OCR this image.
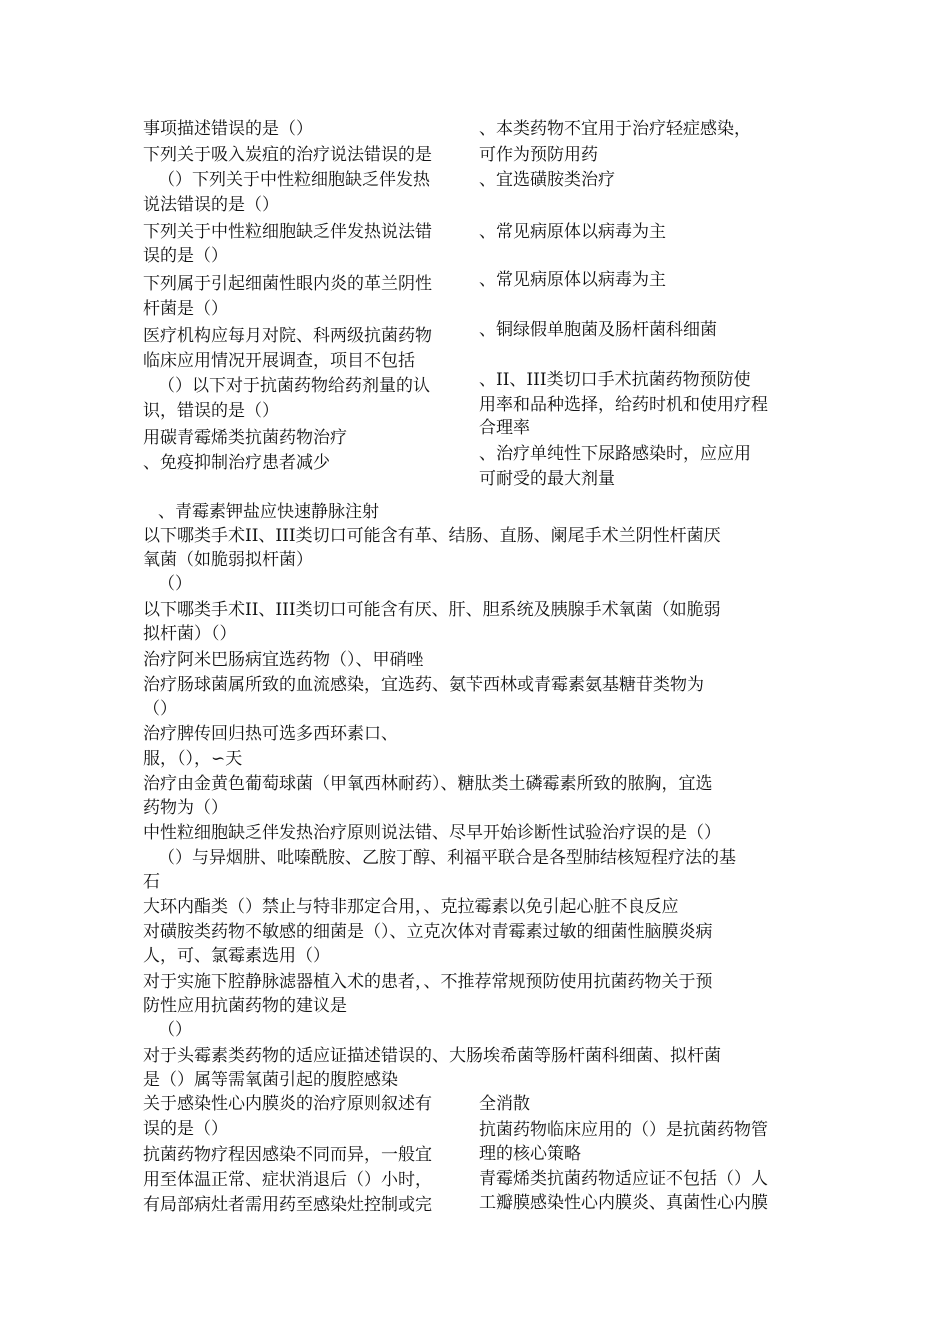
事项描述错误的是（）
下列关于吸入炭疽的治疗说法错误的是
（）下列关于中性粒细胞缺乏伴发热
说法错误的是（）
下列关于中性粒细胞缺乏伴发热说法错
误的是（）
下列属于引起细菌性眼内炎的革兰阴性
杆菌是（）
医疗机构应每月对院、科两级抗菌药物
临床应用情况开展调查，项目不包括
（）以下对于抗菌药物给药剂量的认
识，错误的是（）
用碳青霉烯类抗菌药物治疗
、免疫抑制治疗患者减少
、本类药物不宜用于治疗轻症感染，
可作为预防用药
、宜选磺胺类治疗
、常见病原体以病毒为主
、常见病原体以病毒为主
、铜绿假单胞菌及肠杆菌科细菌
、II、III类切口手术抗菌药物预防使
用率和品种选择，给药时机和使用疗程
合理率
、治疗单纯性下尿路感染时，应应用
可耐受的最大剂量
、青霉素钾盐应快速静脉注射
以下哪类手术II、III类切口可能含有革、结肠、直肠、阑尾手术兰阴性杆菌厌
氧菌（如脆弱拟杆菌）
（）
以下哪类手术II、III类切口可能含有厌、肝、胆系统及胰腺手术氧菌（如脆弱
拟杆菌）（）
治疗阿米巴肠病宜选药物（）、甲硝唑
治疗肠球菌属所致的血流感染，宜选药、氨苄西林或青霉素氨基糖苷类物为
（）
治疗脾传回归热可选多西环素口、
服，（），∽天
治疗由金黄色葡萄球菌（甲氧西林耐药）、糖肽类土磷霉素所致的脓胸，宜选
药物为（）
中性粒细胞缺乏伴发热治疗原则说法错、尽早开始诊断性试验治疗误的是（）
（）与异烟肼、吡嗪酰胺、乙胺丁醇、利福平联合是各型肺结核短程疗法的基
石
大环内酯类（）禁止与特非那定合用，、克拉霉素以免引起心脏不良反应
对磺胺类药物不敏感的细菌是（）、立克次体对青霉素过敏的细菌性脑膜炎病
人，可、氯霉素选用（）
对于实施下腔静脉滤器植入术的患者，、不推荐常规预防使用抗菌药物关于预
防性应用抗菌药物的建议是
（）
对于头霉素类药物的适应证描述错误的、大肠埃希菌等肠杆菌科细菌、拟杆菌
是（）属等需氧菌引起的腹腔感染
关于感染性心内膜炎的治疗原则叙述有
误的是（）
抗菌药物疗程因感染不同而异，一般宜
用至体温正常、症状消退后（）小时，
有局部病灶者需用药至感染灶控制或完
全消散
抗菌药物临床应用的（）是抗菌药物管
理的核心策略
青霉烯类抗菌药物适应证不包括（）人
工瓣膜感染性心内膜炎、真菌性心内膜
